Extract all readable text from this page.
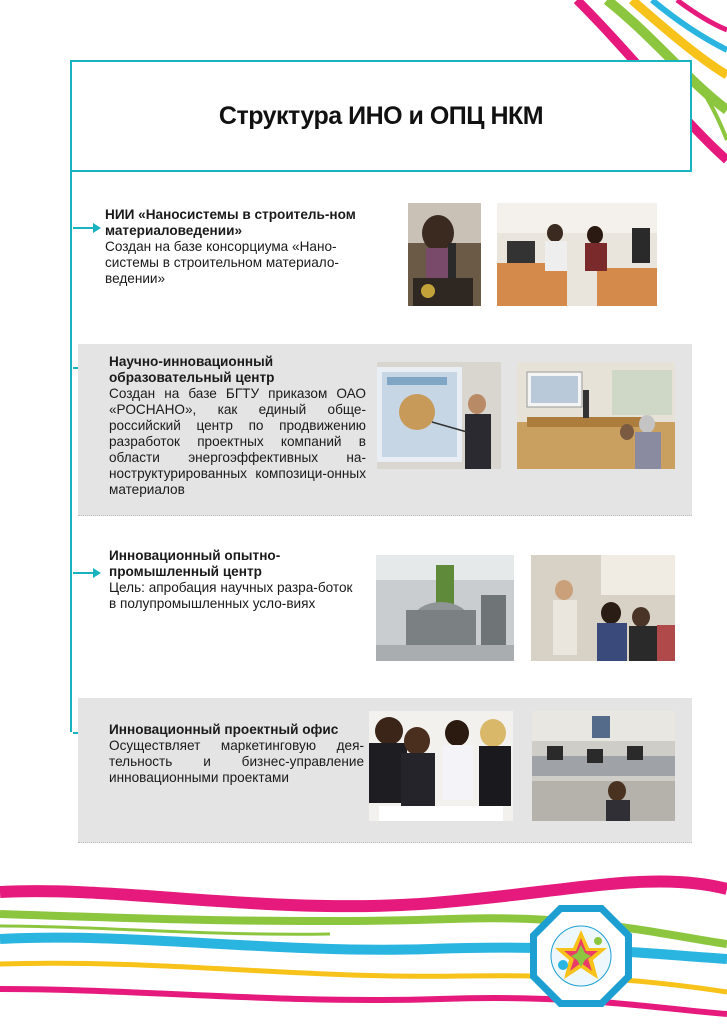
Структура ИНО и ОПЦ НКМ
НИИ «Наносистемы в строитель-ном материаловедении»
Создан на базе консорциума «Нано-системы в строительном материало-ведении»
Научно-инновационный образовательный центр
Создан на базе БГТУ приказом ОАО «РОСНАНО», как единый обще-российский центр по продвижению разработок проектных компаний в области энергоэффективных на-ноструктурированных композици-онных материалов
Инновационный опытно-промышленный центр
Цель: апробация научных разра-боток в полупромышленных усло-виях
Инновационный проектный офис
Осуществляет маркетинговую дея-тельность и бизнес-управление инновационными проектами
